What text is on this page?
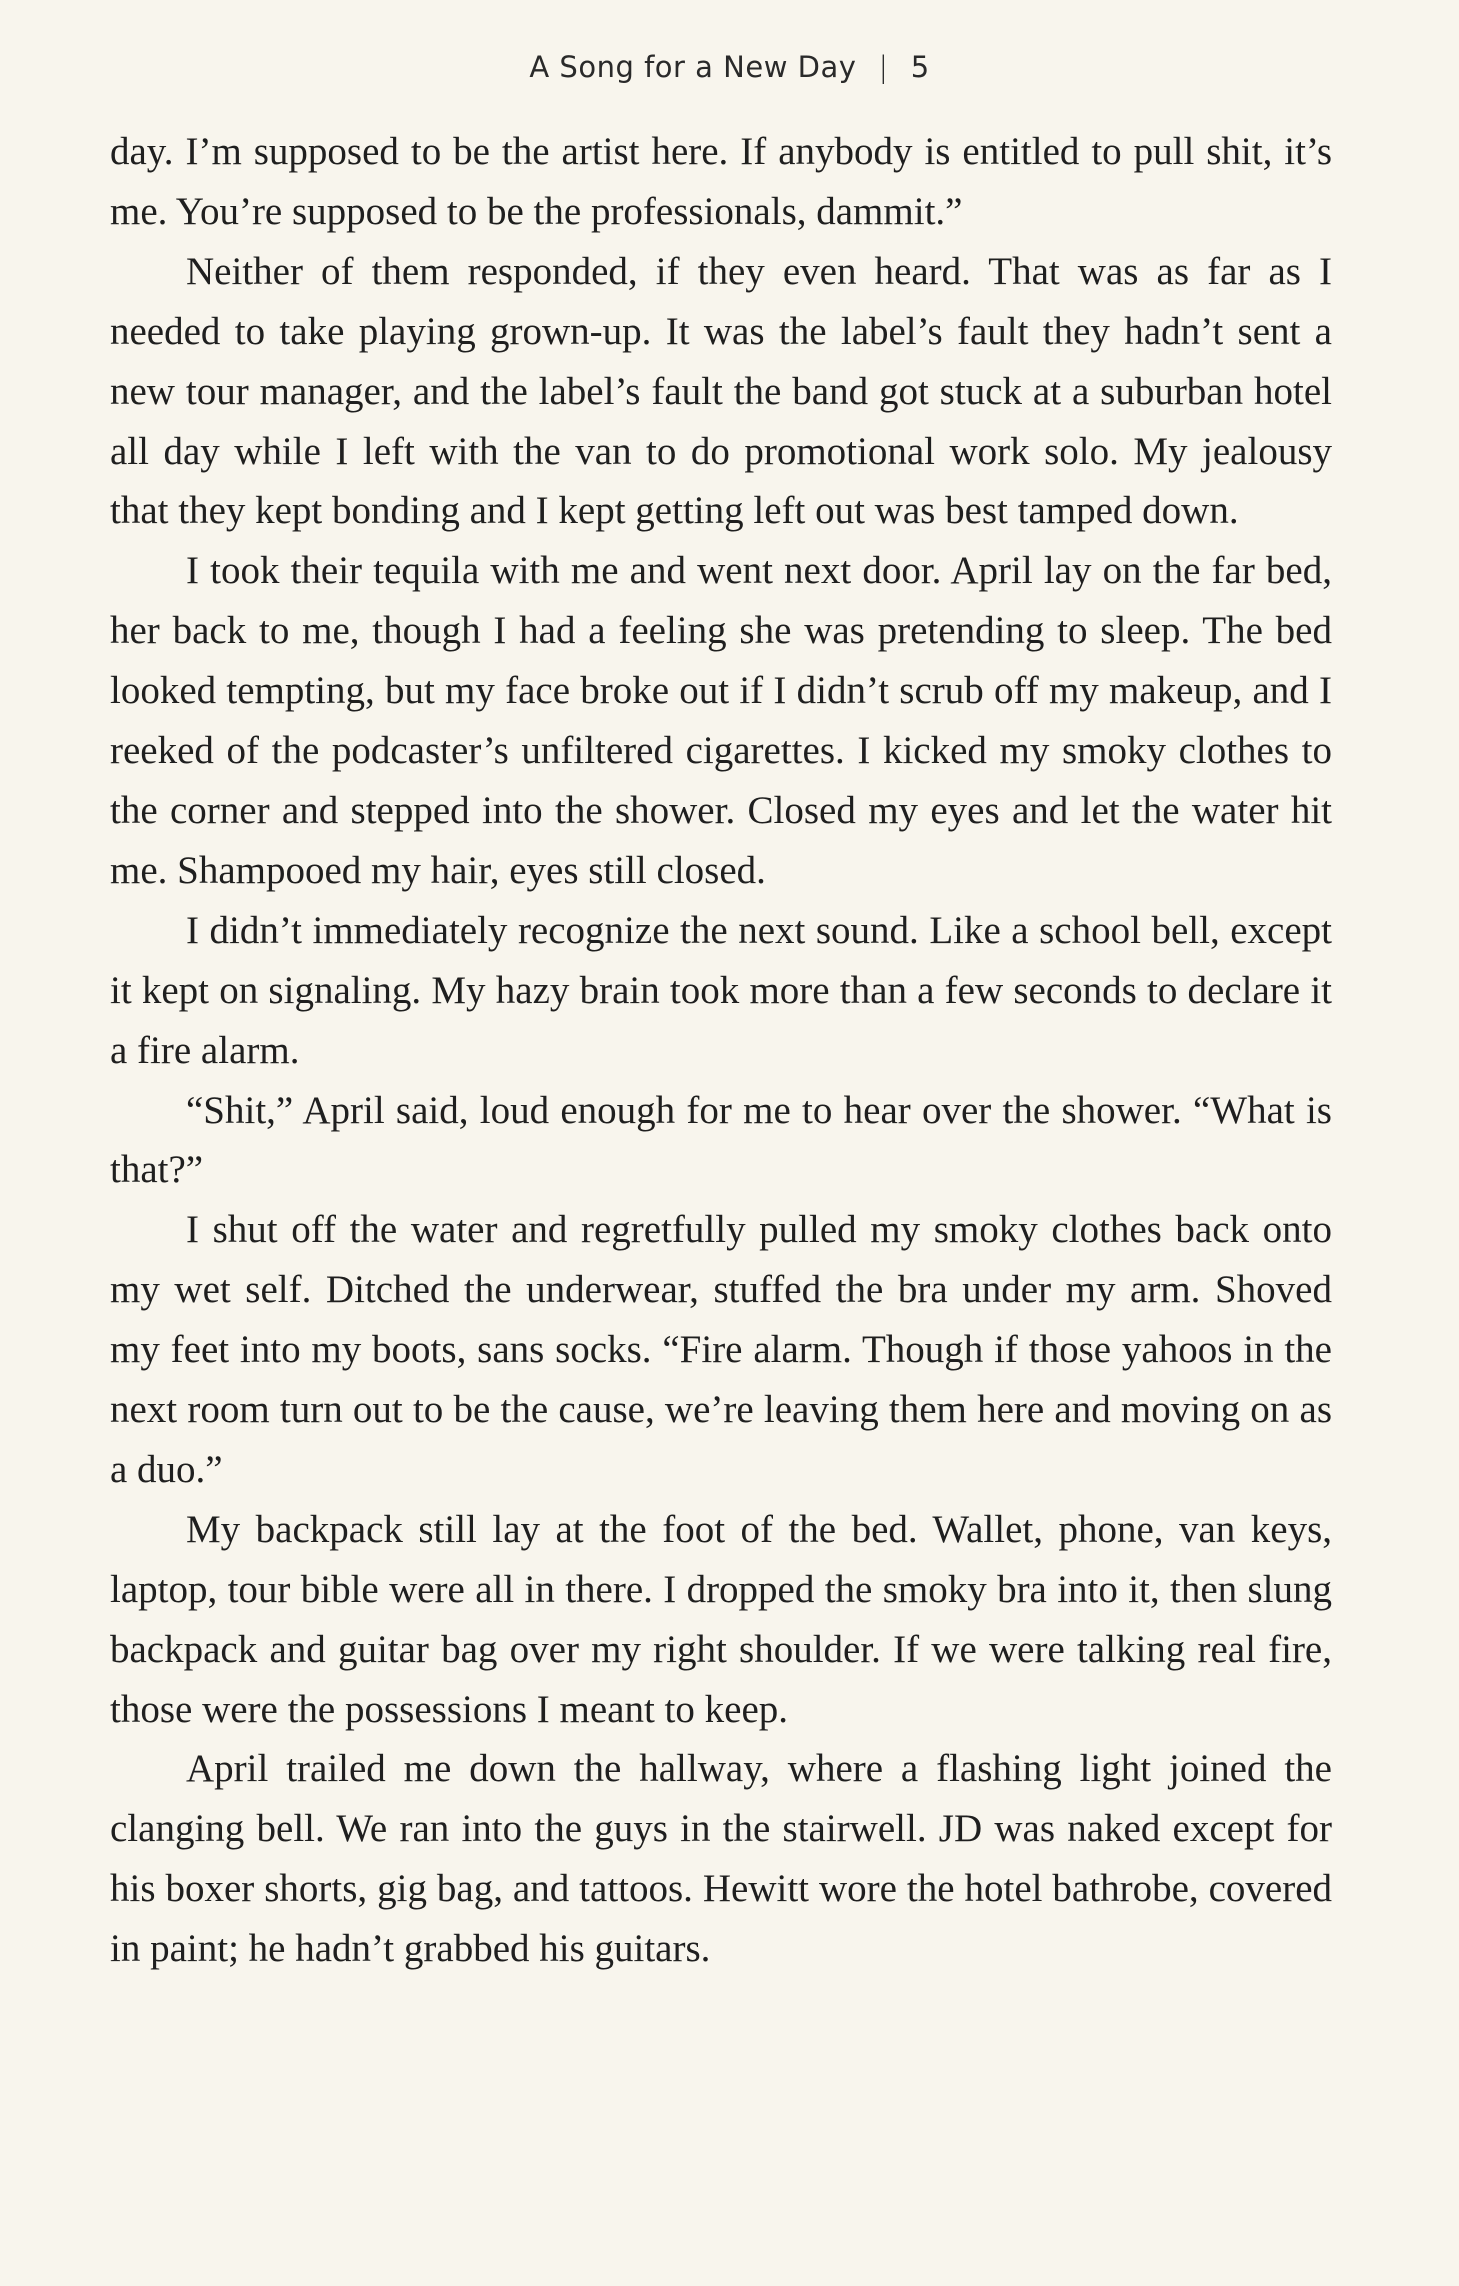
A Song for a New Day | 5

day. I’m supposed to be the artist here. If anybody is entitled to pull shit, it’s me. You’re supposed to be the professionals, dammit.”

Neither of them responded, if they even heard. That was as far as I needed to take playing grown-up. It was the label’s fault they hadn’t sent a new tour manager, and the label’s fault the band got stuck at a suburban hotel all day while I left with the van to do promotional work solo. My jealousy that they kept bonding and I kept getting left out was best tamped down.

I took their tequila with me and went next door. April lay on the far bed, her back to me, though I had a feeling she was pretending to sleep. The bed looked tempting, but my face broke out if I didn’t scrub off my makeup, and I reeked of the podcaster’s unfiltered cigarettes. I kicked my smoky clothes to the corner and stepped into the shower. Closed my eyes and let the water hit me. Shampooed my hair, eyes still closed.

I didn’t immediately recognize the next sound. Like a school bell, except it kept on signaling. My hazy brain took more than a few seconds to declare it a fire alarm.

“Shit,” April said, loud enough for me to hear over the shower. “What is that?”

I shut off the water and regretfully pulled my smoky clothes back onto my wet self. Ditched the underwear, stuffed the bra under my arm. Shoved my feet into my boots, sans socks. “Fire alarm. Though if those yahoos in the next room turn out to be the cause, we’re leaving them here and moving on as a duo.”

My backpack still lay at the foot of the bed. Wallet, phone, van keys, laptop, tour bible were all in there. I dropped the smoky bra into it, then slung backpack and guitar bag over my right shoulder. If we were talking real fire, those were the possessions I meant to keep.

April trailed me down the hallway, where a flashing light joined the clanging bell. We ran into the guys in the stairwell. JD was naked except for his boxer shorts, gig bag, and tattoos. Hewitt wore the hotel bathrobe, covered in paint; he hadn’t grabbed his guitars.
